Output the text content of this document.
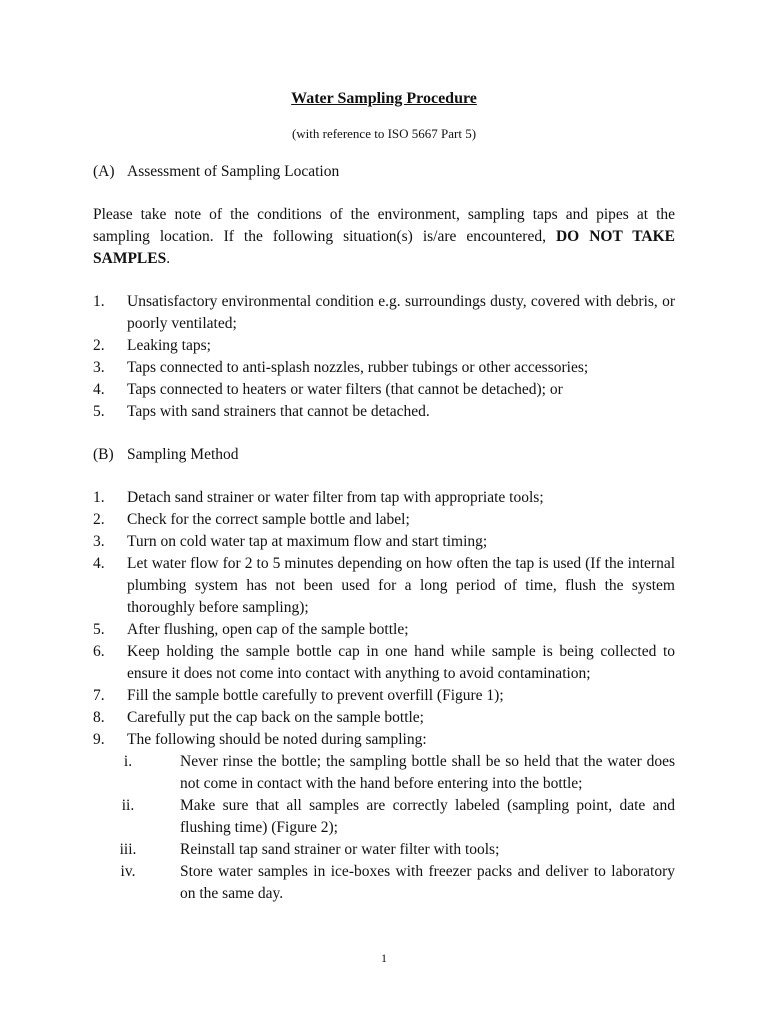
Water Sampling Procedure
(with reference to ISO 5667 Part 5)
(A) Assessment of Sampling Location
Please take note of the conditions of the environment, sampling taps and pipes at the sampling location. If the following situation(s) is/are encountered, DO NOT TAKE SAMPLES.
1.	Unsatisfactory environmental condition e.g. surroundings dusty, covered with debris, or poorly ventilated;
2.	Leaking taps;
3.	Taps connected to anti-splash nozzles, rubber tubings or other accessories;
4.	Taps connected to heaters or water filters (that cannot be detached); or
5.	Taps with sand strainers that cannot be detached.
(B) Sampling Method
1.	Detach sand strainer or water filter from tap with appropriate tools;
2.	Check for the correct sample bottle and label;
3.	Turn on cold water tap at maximum flow and start timing;
4.	Let water flow for 2 to 5 minutes depending on how often the tap is used (If the internal plumbing system has not been used for a long period of time, flush the system thoroughly before sampling);
5.	After flushing, open cap of the sample bottle;
6.	Keep holding the sample bottle cap in one hand while sample is being collected to ensure it does not come into contact with anything to avoid contamination;
7.	Fill the sample bottle carefully to prevent overfill (Figure 1);
8.	Carefully put the cap back on the sample bottle;
9.	The following should be noted during sampling:
i.	Never rinse the bottle; the sampling bottle shall be so held that the water does not come in contact with the hand before entering into the bottle;
ii.	Make sure that all samples are correctly labeled (sampling point, date and flushing time) (Figure 2);
iii.	Reinstall tap sand strainer or water filter with tools;
iv.	Store water samples in ice-boxes with freezer packs and deliver to laboratory on the same day.
1
